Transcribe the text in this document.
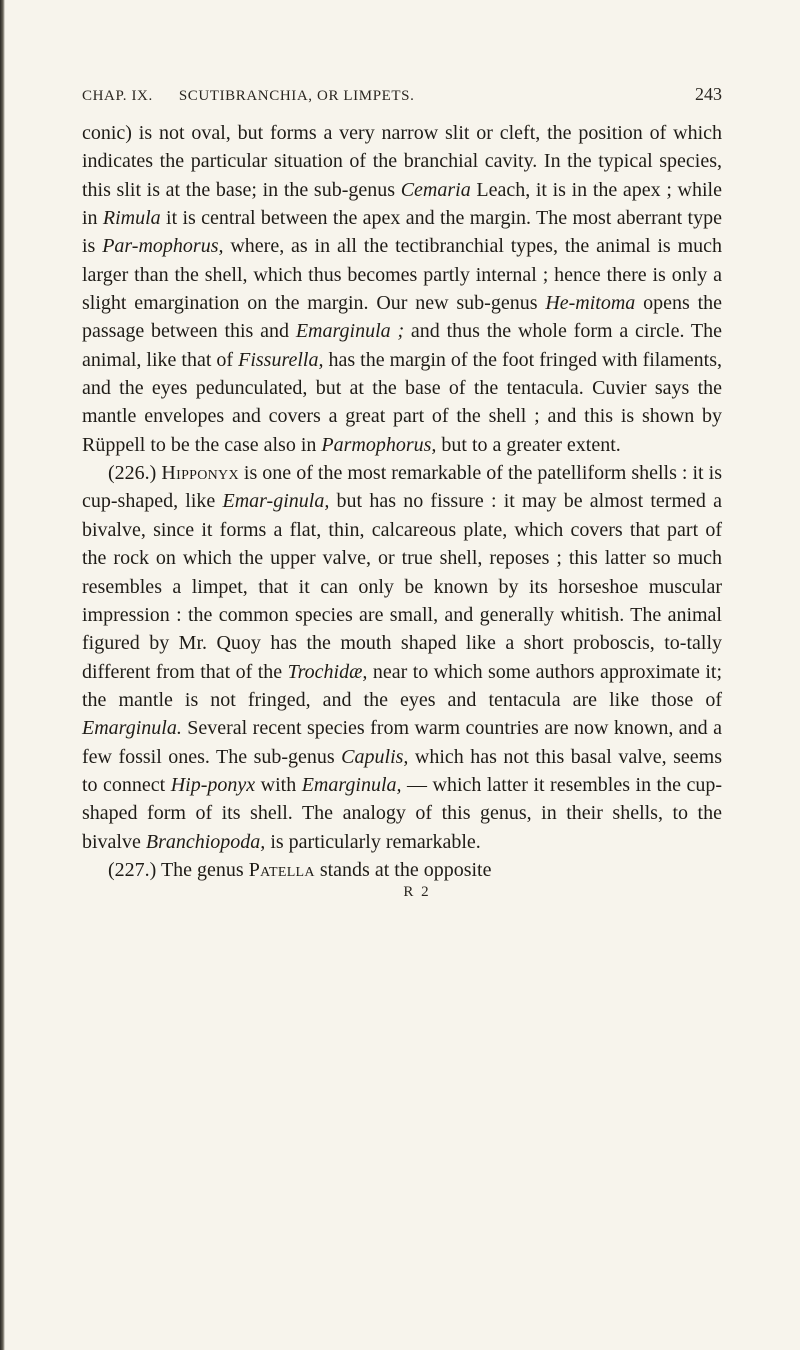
CHAP. IX. SCUTIBRANCHIA, OR LIMPETS.	243

conic) is not oval, but forms a very narrow slit or cleft, the position of which indicates the particular situation of the branchial cavity. In the typical species, this slit is at the base; in the sub-genus Cemaria Leach, it is in the apex ; while in Rimula it is central between the apex and the margin. The most aberrant type is Par-mophorus, where, as in all the tectibranchial types, the animal is much larger than the shell, which thus becomes partly internal ; hence there is only a slight emargination on the margin. Our new sub-genus He-mitoma opens the passage between this and Emarginula ; and thus the whole form a circle. The animal, like that of Fissurella, has the margin of the foot fringed with filaments, and the eyes pedunculated, but at the base of the tentacula. Cuvier says the mantle envelopes and covers a great part of the shell ; and this is shown by Rüppell to be the case also in Parmophorus, but to a greater extent.

(226.) Hipponyx is one of the most remarkable of the patelliform shells : it is cup-shaped, like Emar-ginula, but has no fissure : it may be almost termed a bivalve, since it forms a flat, thin, calcareous plate, which covers that part of the rock on which the upper valve, or true shell, reposes ; this latter so much resembles a limpet, that it can only be known by its horseshoe muscular impression : the common species are small, and generally whitish. The animal figured by Mr. Quoy has the mouth shaped like a short proboscis, to-tally different from that of the Trochidæ, near to which some authors approximate it; the mantle is not fringed, and the eyes and tentacula are like those of Emarginula. Several recent species from warm countries are now known, and a few fossil ones. The sub-genus Capulis, which has not this basal valve, seems to connect Hip-ponyx with Emarginula, — which latter it resembles in the cup-shaped form of its shell. The analogy of this genus, in their shells, to the bivalve Branchiopoda, is particularly remarkable.

(227.) The genus Patella stands at the opposite

R 2
